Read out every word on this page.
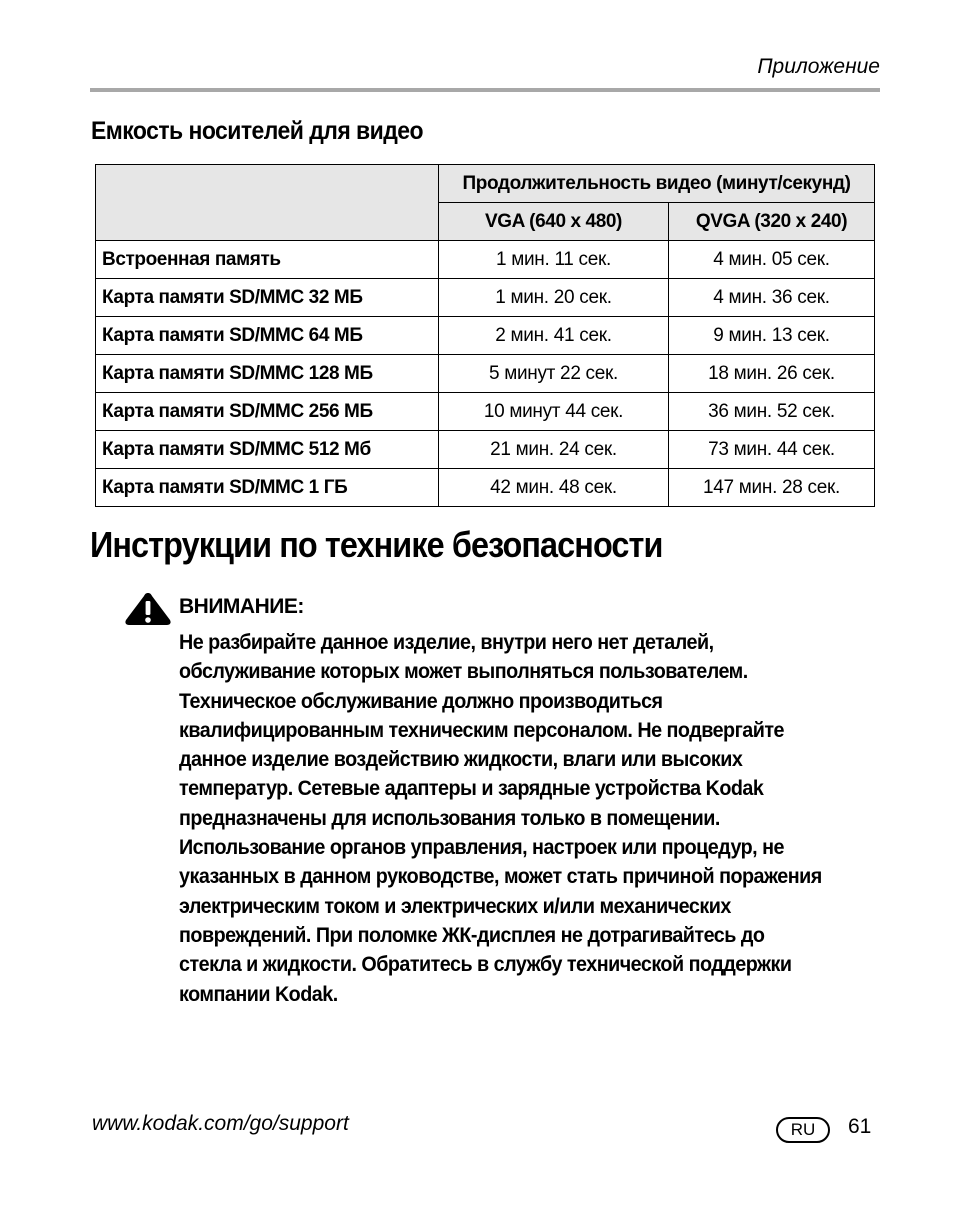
Приложение
Емкость носителей для видео
	Продолжительность видео (минут/секунд)	
	VGA (640 x 480)	QVGA (320 x 240)
Встроенная память	1 мин. 11 сек.	4 мин. 05 сек.
Карта памяти SD/MMC 32 МБ	1 мин. 20 сек.	4 мин. 36 сек.
Карта памяти SD/MMC 64 МБ	2 мин. 41 сек.	9 мин. 13 сек.
Карта памяти SD/MMC 128 МБ	5 минут 22 сек.	18 мин. 26 сек.
Карта памяти SD/MMC 256 МБ	10 минут 44 сек.	36 мин. 52 сек.
Карта памяти SD/MMC 512 Мб	21 мин. 24 сек.	73 мин. 44 сек.
Карта памяти SD/MMC 1 ГБ	42 мин. 48 сек.	147 мин. 28 сек.
Инструкции по технике безопасности
ВНИМАНИЕ:
Не разбирайте данное изделие, внутри него нет деталей,
обслуживание которых может выполняться пользователем.
Техническое обслуживание должно производиться
квалифицированным техническим персоналом. Не подвергайте
данное изделие воздействию жидкости, влаги или высоких
температур. Сетевые адаптеры и зарядные устройства Kodak
предназначены для использования только в помещении.
Использование органов управления, настроек или процедур, не
указанных в данном руководстве, может стать причиной поражения
электрическим током и электрических и/или механических
повреждений. При поломке ЖК-дисплея не дотрагивайтесь до
стекла и жидкости. Обратитесь в службу технической поддержки
компании Kodak.
www.kodak.com/go/support	RU	61
